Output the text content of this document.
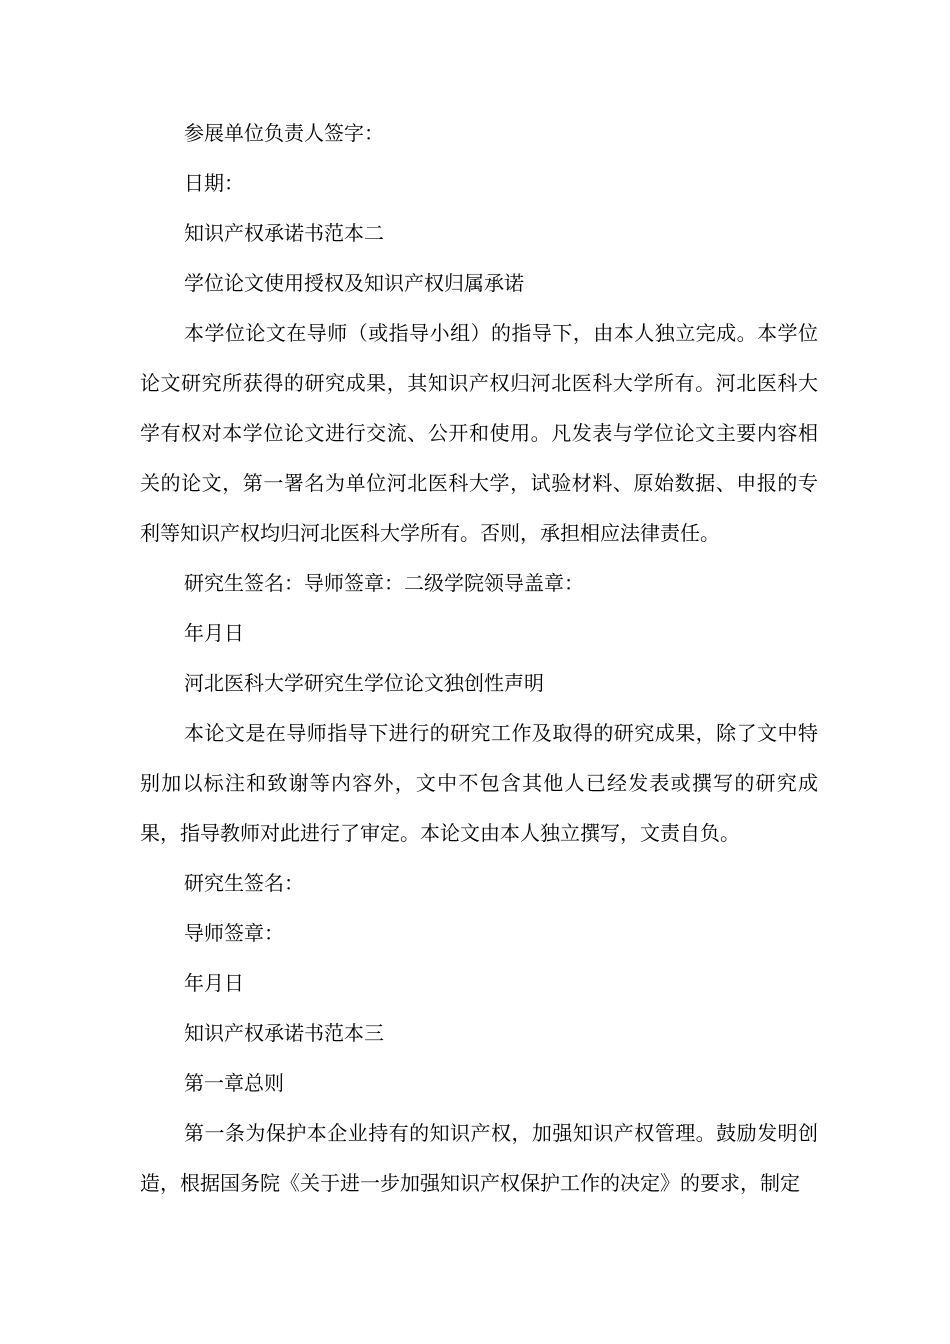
参展单位负责人签字：
日期：
知识产权承诺书范本二
学位论文使用授权及知识产权归属承诺

本学位论文在导师（或指导小组）的指导下，由本人独立完成。本学位论文研究所获得的研究成果，其知识产权归河北医科大学所有。河北医科大学有权对本学位论文进行交流、公开和使用。凡发表与学位论文主要内容相关的论文，第一署名为单位河北医科大学，试验材料、原始数据、申报的专利等知识产权均归河北医科大学所有。否则，承担相应法律责任。

研究生签名：导师签章：二级学院领导盖章：
年月日
河北医科大学研究生学位论文独创性声明

本论文是在导师指导下进行的研究工作及取得的研究成果，除了文中特别加以标注和致谢等内容外，文中不包含其他人已经发表或撰写的研究成果，指导教师对此进行了审定。本论文由本人独立撰写，文责自负。

研究生签名：
导师签章：
年月日
知识产权承诺书范本三
第一章总则

第一条为保护本企业持有的知识产权，加强知识产权管理。鼓励发明创造，根据国务院《关于进一步加强知识产权保护工作的决定》的要求，制定
